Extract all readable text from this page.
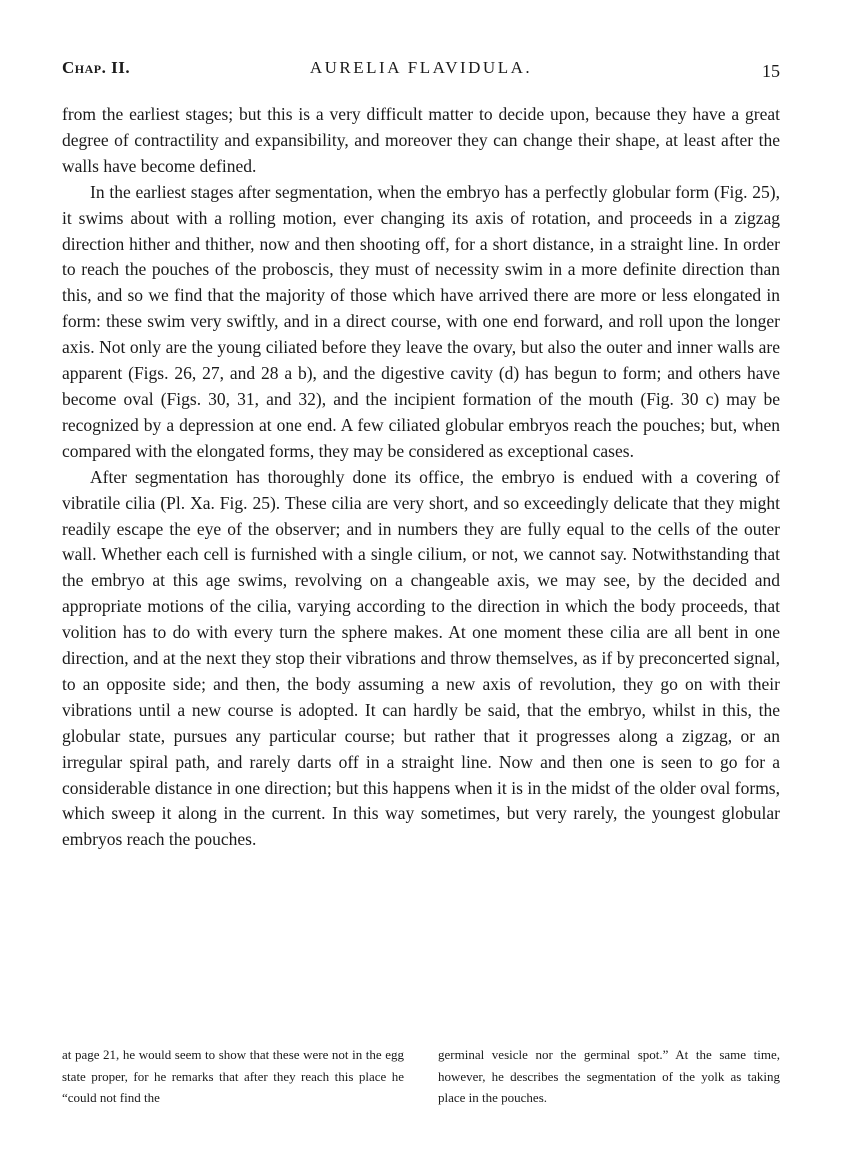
Chap. II.	AURELIA FLAVIDULA.	15

from the earliest stages; but this is a very difficult matter to decide upon, because they have a great degree of contractility and expansibility, and moreover they can change their shape, at least after the walls have become defined.

In the earliest stages after segmentation, when the embryo has a perfectly globular form (Fig. 25), it swims about with a rolling motion, ever changing its axis of rotation, and proceeds in a zigzag direction hither and thither, now and then shooting off, for a short distance, in a straight line. In order to reach the pouches of the proboscis, they must of necessity swim in a more definite direction than this, and so we find that the majority of those which have arrived there are more or less elongated in form: these swim very swiftly, and in a direct course, with one end forward, and roll upon the longer axis. Not only are the young ciliated before they leave the ovary, but also the outer and inner walls are apparent (Figs. 26, 27, and 28 a b), and the digestive cavity (d) has begun to form; and others have become oval (Figs. 30, 31, and 32), and the incipient formation of the mouth (Fig. 30 c) may be recognized by a depression at one end. A few ciliated globular embryos reach the pouches; but, when compared with the elongated forms, they may be considered as exceptional cases.

After segmentation has thoroughly done its office, the embryo is endued with a covering of vibratile cilia (Pl. Xa. Fig. 25). These cilia are very short, and so exceedingly delicate that they might readily escape the eye of the observer; and in numbers they are fully equal to the cells of the outer wall. Whether each cell is furnished with a single cilium, or not, we cannot say. Notwithstanding that the embryo at this age swims, revolving on a changeable axis, we may see, by the decided and appropriate motions of the cilia, varying according to the direction in which the body proceeds, that volition has to do with every turn the sphere makes. At one moment these cilia are all bent in one direction, and at the next they stop their vibrations and throw themselves, as if by preconcerted signal, to an opposite side; and then, the body assuming a new axis of revolution, they go on with their vibrations until a new course is adopted. It can hardly be said, that the embryo, whilst in this, the globular state, pursues any particular course; but rather that it progresses along a zigzag, or an irregular spiral path, and rarely darts off in a straight line. Now and then one is seen to go for a considerable distance in one direction; but this happens when it is in the midst of the older oval forms, which sweep it along in the current. In this way sometimes, but very rarely, the youngest globular embryos reach the pouches.

at page 21, he would seem to show that these were not in the egg state proper, for he remarks that after they reach this place he “could not find the
germinal vesicle nor the germinal spot.” At the same time, however, he describes the segmentation of the yolk as taking place in the pouches.
